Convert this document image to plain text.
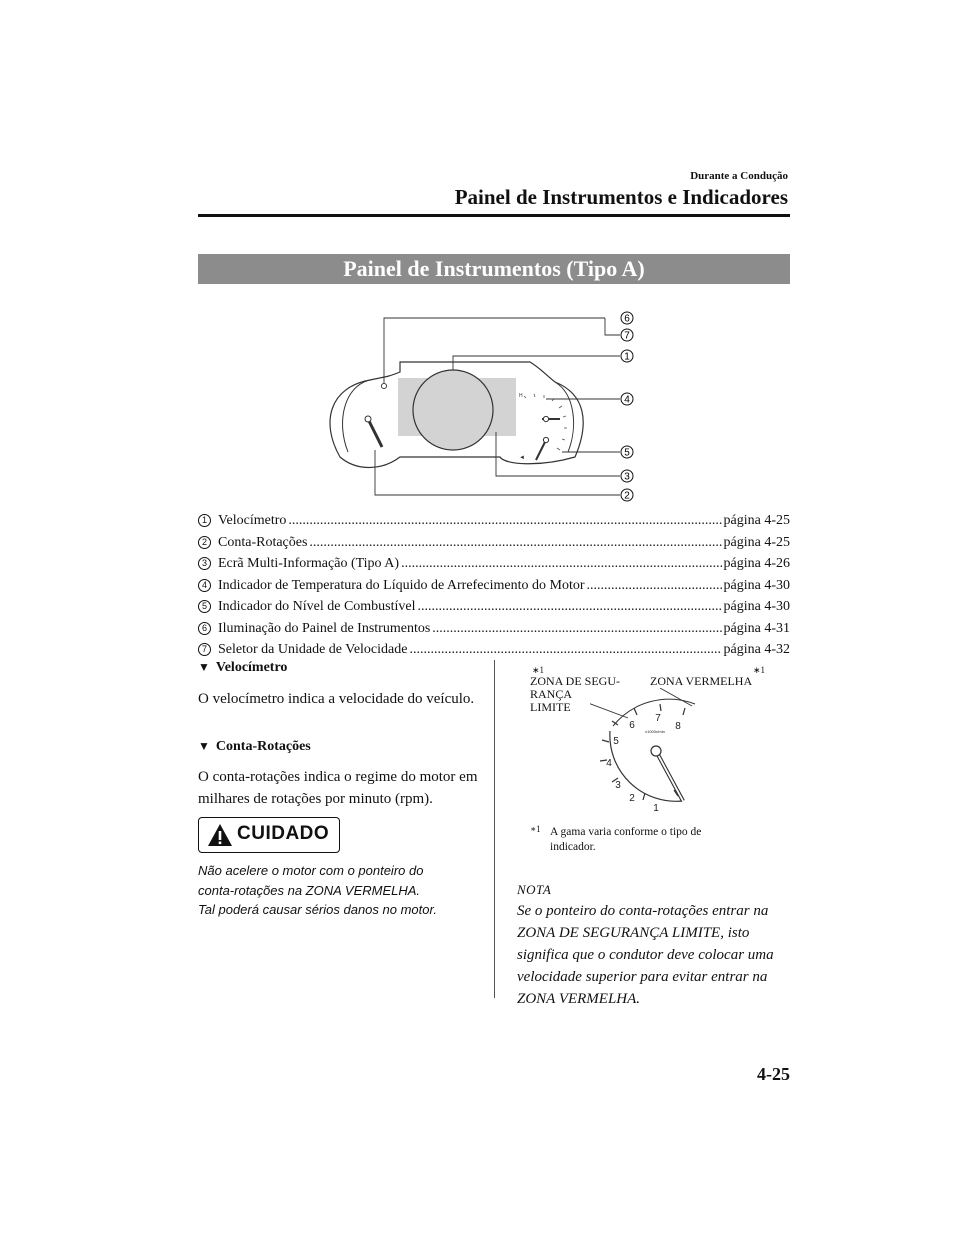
Durante a Condução
Painel de Instrumentos e Indicadores
Painel de Instrumentos (Tipo A)
H
◄
6
7
1
4
5
3
2
1 Velocímetro .....	página 4-25
2 Conta-Rotações .....	página 4-25
3 Ecrã Multi-Informação (Tipo A) .....	página 4-26
4 Indicador de Temperatura do Líquido de Arrefecimento do Motor .....	página 4-30
5 Indicador do Nível de Combustível .....	página 4-30
6 Iluminação do Painel de Instrumentos .....	página 4-31
7 Seletor da Unidade de Velocidade .....	página 4-32
▼ Velocímetro
O velocímetro indica a velocidade do veículo.
▼ Conta-Rotações
O conta-rotações indica o regime do motor em milhares de rotações por minuto (rpm).
CUIDADO
Não acelere o motor com o ponteiro do
conta-rotações na ZONA VERMELHA.
Tal poderá causar sérios danos no motor.
∗1	∗1
ZONA DE SEGU-
RANÇA
LIMITE
ZONA VERMELHA
1
2
3
4
5
6
7
8
x1000r/min
∗1 A gama varia conforme o tipo de
indicador.
NOTA
Se o ponteiro do conta-rotações entrar na
ZONA DE SEGURANÇA LIMITE, isto
significa que o condutor deve colocar uma
velocidade superior para evitar entrar na
ZONA VERMELHA.
4-25
